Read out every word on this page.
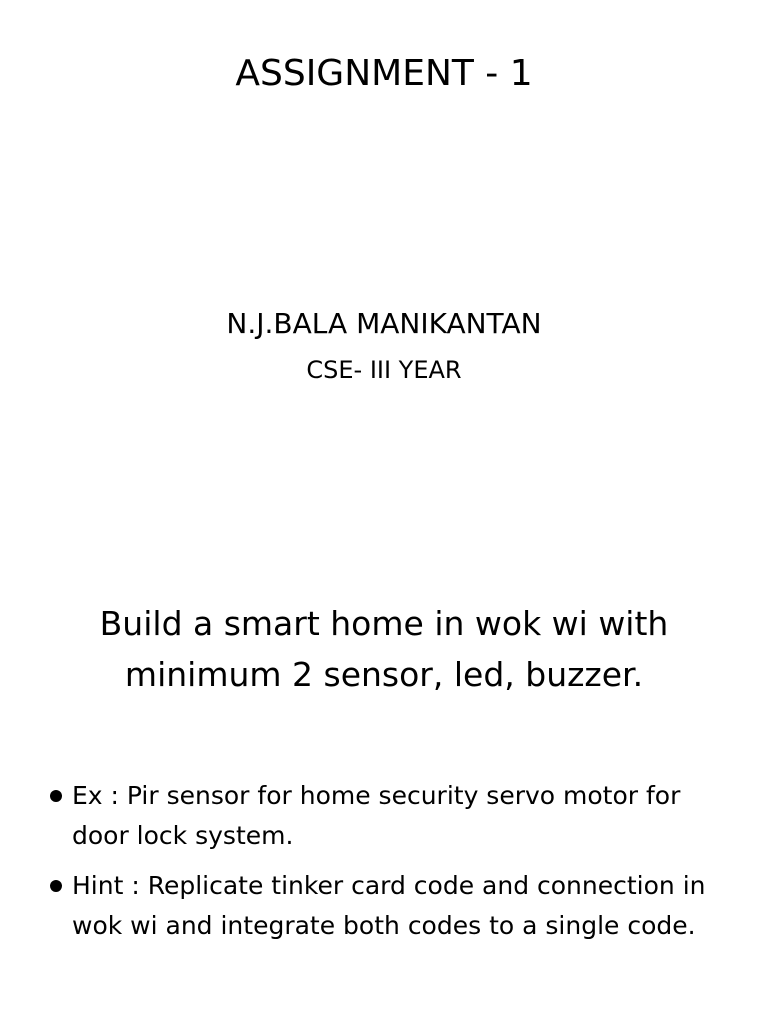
ASSIGNMENT - 1

N.J.BALA MANIKANTAN

CSE- III YEAR

Build a smart home in wok wi with
minimum 2 sensor, led, buzzer.

Ex : Pir sensor for home security servo motor for door lock system.
Hint : Replicate tinker card code and connection in wok wi and integrate both codes to a single code.
